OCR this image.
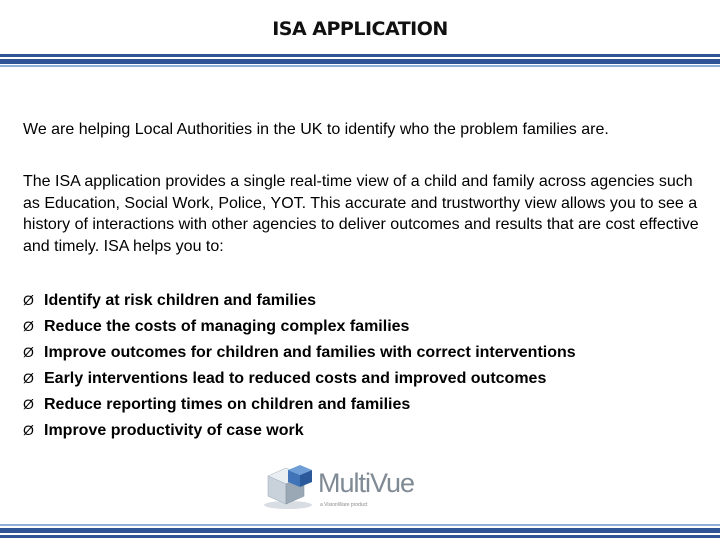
ISA APPLICATION
We are helping Local Authorities in the UK to identify who the problem families are.
The ISA application provides a single real-time view of a child and family across agencies such as Education, Social Work, Police, YOT. This accurate and trustworthy view allows you to see a history of interactions with other agencies to deliver outcomes and results that are cost effective and timely. ISA helps you to:
Ø Identify at risk children and families
Ø Reduce the costs of managing complex families
Ø Improve outcomes for children and families with correct interventions
Ø Early interventions lead to reduced costs and improved outcomes
Ø Reduce reporting times on children and families
Ø Improve productivity of case work
MultiVue
a VisionWare product
